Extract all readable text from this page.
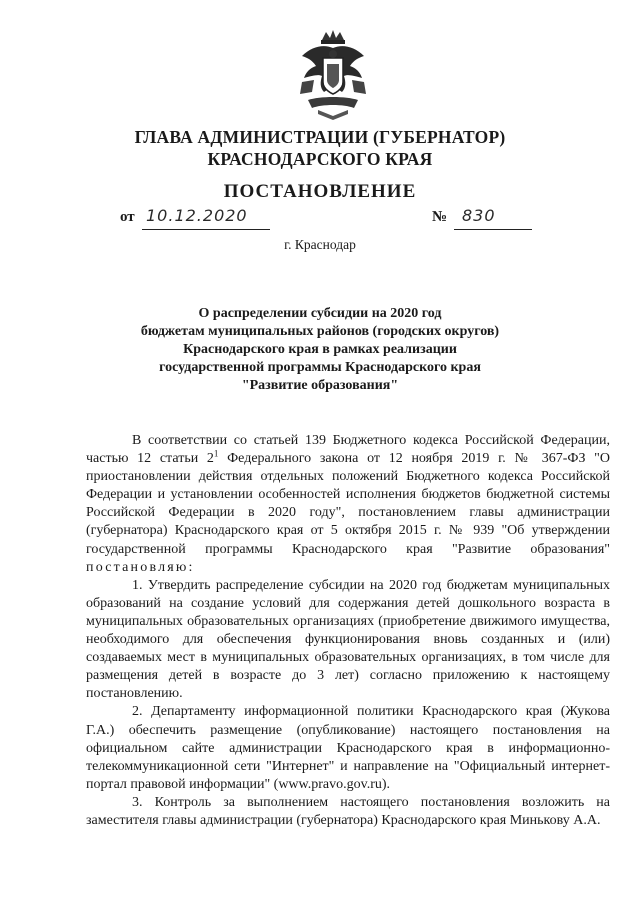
ГЛАВА АДМИНИСТРАЦИИ (ГУБЕРНАТОР)
КРАСНОДАРСКОГО КРАЯ
ПОСТАНОВЛЕНИЕ
от 10.12.2020	№ 830
г. Краснодар
О распределении субсидии на 2020 год
бюджетам муниципальных районов (городских округов)
Краснодарского края в рамках реализации
государственной программы Краснодарского края
"Развитие образования"

В соответствии со статьей 139 Бюджетного кодекса Российской Федерации, частью 12 статьи $2^1$ Федерального закона от 12 ноября 2019 г. № 367-ФЗ "О приостановлении действия отдельных положений Бюджетного кодекса Российской Федерации и установлении особенностей исполнения бюджетов бюджетной системы Российской Федерации в 2020 году", постановлением главы администрации (губернатора) Краснодарского края от 5 октября 2015 г. № 939 "Об утверждении государственной программы Краснодарского края "Развитие образования" постановляю:

1. Утвердить распределение субсидии на 2020 год бюджетам муниципальных образований на создание условий для содержания детей дошкольного возраста в муниципальных образовательных организациях (приобретение движимого имущества, необходимого для обеспечения функционирования вновь созданных и (или) создаваемых мест в муниципальных образовательных организациях, в том числе для размещения детей в возрасте до 3 лет) согласно приложению к настоящему постановлению.

2. Департаменту информационной политики Краснодарского края (Жукова Г.А.) обеспечить размещение (опубликование) настоящего постановления на официальном сайте администрации Краснодарского края в информационно-телекоммуникационной сети "Интернет" и направление на "Официальный интернет-портал правовой информации" (www.pravo.gov.ru).

3. Контроль за выполнением настоящего постановления возложить на заместителя главы администрации (губернатора) Краснодарского края Минькову А.А.
